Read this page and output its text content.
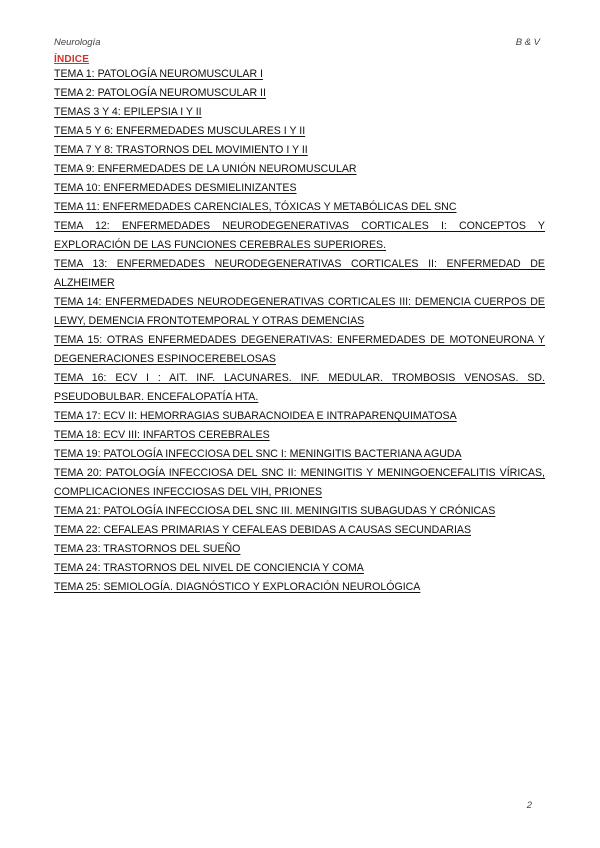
Neurología	B & V
ÍNDICE
TEMA 1: PATOLOGÍA NEUROMUSCULAR I
TEMA 2: PATOLOGÍA NEUROMUSCULAR II
TEMAS 3 Y 4: EPILEPSIA I Y II
TEMA 5 Y 6: ENFERMEDADES MUSCULARES I Y II
TEMA 7 Y 8: TRASTORNOS DEL MOVIMIENTO I Y II
TEMA 9: ENFERMEDADES DE LA UNIÓN NEUROMUSCULAR
TEMA 10: ENFERMEDADES DESMIELINIZANTES
TEMA 11: ENFERMEDADES CARENCIALES, TÓXICAS Y METABÓLICAS DEL SNC
TEMA 12: ENFERMEDADES NEURODEGENERATIVAS CORTICALES I: CONCEPTOS Y EXPLORACIÓN DE LAS FUNCIONES CEREBRALES SUPERIORES.
TEMA 13: ENFERMEDADES NEURODEGENERATIVAS CORTICALES II: ENFERMEDAD DE ALZHEIMER
TEMA 14: ENFERMEDADES NEURODEGENERATIVAS CORTICALES III: DEMENCIA CUERPOS DE LEWY, DEMENCIA FRONTOTEMPORAL Y OTRAS DEMENCIAS
TEMA 15: OTRAS ENFERMEDADES DEGENERATIVAS: ENFERMEDADES DE MOTONEURONA Y DEGENERACIONES ESPINOCEREBELOSAS
TEMA 16: ECV I : AIT. INF. LACUNARES. INF. MEDULAR. TROMBOSIS VENOSAS. SD. PSEUDOBULBAR. ENCEFALOPATÍA HTA.
TEMA 17: ECV II: HEMORRAGIAS SUBARACNOIDEA E INTRAPARENQUIMATOSA
TEMA 18: ECV III: INFARTOS CEREBRALES
TEMA 19: PATOLOGÍA INFECCIOSA DEL SNC I: MENINGITIS BACTERIANA AGUDA
TEMA 20: PATOLOGÍA INFECCIOSA DEL SNC II: MENINGITIS Y MENINGOENCEFALITIS VÍRICAS, COMPLICACIONES INFECCIOSAS DEL VIH, PRIONES
TEMA 21: PATOLOGÍA INFECCIOSA DEL SNC III. MENINGITIS SUBAGUDAS Y CRÓNICAS
TEMA 22: CEFALEAS PRIMARIAS Y CEFALEAS DEBIDAS A CAUSAS SECUNDARIAS
TEMA 23: TRASTORNOS DEL SUEÑO
TEMA 24: TRASTORNOS DEL NIVEL DE CONCIENCIA Y COMA
TEMA 25: SEMIOLOGÍA. DIAGNÓSTICO Y EXPLORACIÓN NEUROLÓGICA
2
